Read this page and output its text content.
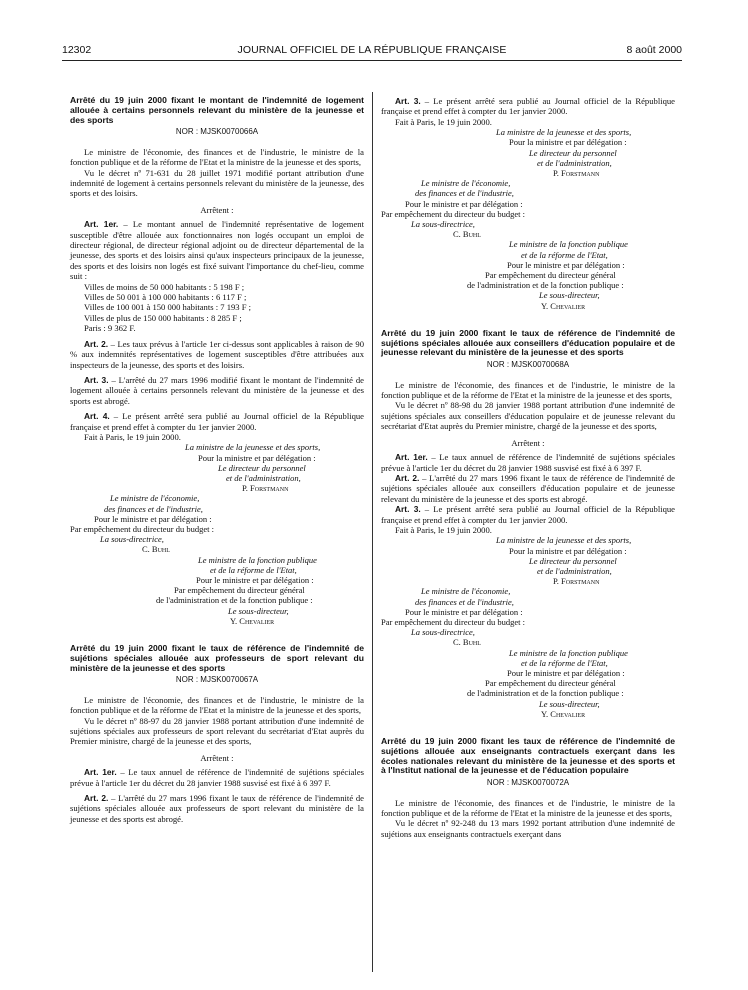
12302	JOURNAL OFFICIEL DE LA RÉPUBLIQUE FRANÇAISE	8 août 2000
Arrêté du 19 juin 2000 fixant le montant de l'indemnité de logement allouée à certains personnels relevant du ministère de la jeunesse et des sports
NOR : MJSK0070066A

Le ministre de l'économie, des finances et de l'industrie, le ministre de la fonction publique et de la réforme de l'Etat et la ministre de la jeunesse et des sports,

Vu le décret nº 71-631 du 28 juillet 1971 modifié portant attribution d'une indemnité de logement à certains personnels relevant du ministère de la jeunesse, des sports et des loisirs.

Arrêtent :

Art. 1er. – Le montant annuel de l'indemnité représentative de logement susceptible d'être allouée aux fonctionnaires non logés occupant un emploi de directeur régional, de directeur régional adjoint ou de directeur départemental de la jeunesse, des sports et des loisirs ainsi qu'aux inspecteurs principaux de la jeunesse, des sports et des loisirs non logés est fixé suivant l'importance du chef-lieu, comme suit :

Villes de moins de 50 000 habitants : 5 198 F ;

Villes de 50 001 à 100 000 habitants : 6 117 F ;

Villes de 100 001 à 150 000 habitants : 7 193 F ;

Villes de plus de 150 000 habitants : 8 285 F ;

Paris : 9 362 F.

Art. 2. – Les taux prévus à l'article 1er ci-dessus sont applicables à raison de 90 % aux indemnités représentatives de logement susceptibles d'être attribuées aux inspecteurs de la jeunesse, des sports et des loisirs.

Art. 3. – L'arrêté du 27 mars 1996 modifié fixant le montant de l'indemnité de logement allouée à certains personnels relevant du ministère de la jeunesse et des sports est abrogé.

Art. 4. – Le présent arrêté sera publié au Journal officiel de la République française et prend effet à compter du 1er janvier 2000.

Fait à Paris, le 19 juin 2000.

La ministre de la jeunesse et des sports,
Pour la ministre et par délégation :
Le directeur du personnel
et de l'administration,
P. Forstmann
Le ministre de l'économie,
des finances et de l'industrie,
Pour le ministre et par délégation :
Par empêchement du directeur du budget :
La sous-directrice,
C. Buhl
Le ministre de la fonction publique
et de la réforme de l'Etat,
Pour le ministre et par délégation :
Par empêchement du directeur général
de l'administration et de la fonction publique :
Le sous-directeur,
Y. Chevalier
Arrêté du 19 juin 2000 fixant le taux de référence de l'indemnité de sujétions spéciales allouée aux professeurs de sport relevant du ministère de la jeunesse et des sports
NOR : MJSK0070067A

Le ministre de l'économie, des finances et de l'industrie, le ministre de la fonction publique et de la réforme de l'Etat et la ministre de la jeunesse et des sports,

Vu le décret nº 88-97 du 28 janvier 1988 portant attribution d'une indemnité de sujétions spéciales aux professeurs de sport relevant du secrétariat d'Etat auprès du Premier ministre, chargé de la jeunesse et des sports,

Arrêtent :

Art. 1er. – Le taux annuel de référence de l'indemnité de sujétions spéciales prévue à l'article 1er du décret du 28 janvier 1988 susvisé est fixé à 6 397 F.

Art. 2. – L'arrêté du 27 mars 1996 fixant le taux de référence de l'indemnité de sujétions spéciales allouée aux professeurs de sport relevant du ministère de la jeunesse et des sports est abrogé.

Art. 3. – Le présent arrêté sera publié au Journal officiel de la République française et prend effet à compter du 1er janvier 2000.

Fait à Paris, le 19 juin 2000.

La ministre de la jeunesse et des sports,
Pour la ministre et par délégation :
Le directeur du personnel
et de l'administration,
P. Forstmann
Le ministre de l'économie,
des finances et de l'industrie,
Pour le ministre et par délégation :
Par empêchement du directeur du budget :
La sous-directrice,
C. Buhl
Le ministre de la fonction publique
et de la réforme de l'Etat,
Pour le ministre et par délégation :
Par empêchement du directeur général
de l'administration et de la fonction publique :
Le sous-directeur,
Y. Chevalier
Arrêté du 19 juin 2000 fixant le taux de référence de l'indemnité de sujétions spéciales allouée aux conseillers d'éducation populaire et de jeunesse relevant du ministère de la jeunesse et des sports
NOR : MJSK0070068A

Le ministre de l'économie, des finances et de l'industrie, le ministre de la fonction publique et de la réforme de l'Etat et la ministre de la jeunesse et des sports,

Vu le décret nº 88-98 du 28 janvier 1988 portant attribution d'une indemnité de sujétions spéciales aux conseillers d'éducation populaire et de jeunesse relevant du secrétariat d'Etat auprès du Premier ministre, chargé de la jeunesse et des sports,

Arrêtent :

Art. 1er. – Le taux annuel de référence de l'indemnité de sujétions spéciales prévue à l'article 1er du décret du 28 janvier 1988 susvisé est fixé à 6 397 F.

Art. 2. – L'arrêté du 27 mars 1996 fixant le taux de référence de l'indemnité de sujétions spéciales allouée aux conseillers d'éducation populaire et de jeunesse relevant du ministère de la jeunesse et des sports est abrogé.

Art. 3. – Le présent arrêté sera publié au Journal officiel de la République française et prend effet à compter du 1er janvier 2000.

Fait à Paris, le 19 juin 2000.

La ministre de la jeunesse et des sports,
Pour la ministre et par délégation :
Le directeur du personnel
et de l'administration,
P. Forstmann
Le ministre de l'économie,
des finances et de l'industrie,
Pour le ministre et par délégation :
Par empêchement du directeur du budget :
La sous-directrice,
C. Buhl
Le ministre de la fonction publique
et de la réforme de l'Etat,
Pour le ministre et par délégation :
Par empêchement du directeur général
de l'administration et de la fonction publique :
Le sous-directeur,
Y. Chevalier
Arrêté du 19 juin 2000 fixant les taux de référence de l'indemnité de sujétions allouée aux enseignants contractuels exerçant dans les écoles nationales relevant du ministère de la jeunesse et des sports et à l'Institut national de la jeunesse et de l'éducation populaire
NOR : MJSK0070072A

Le ministre de l'économie, des finances et de l'industrie, le ministre de la fonction publique et de la réforme de l'Etat et la ministre de la jeunesse et des sports,

Vu le décret nº 92-248 du 13 mars 1992 portant attribution d'une indemnité de sujétions aux enseignants contractuels exerçant dans
